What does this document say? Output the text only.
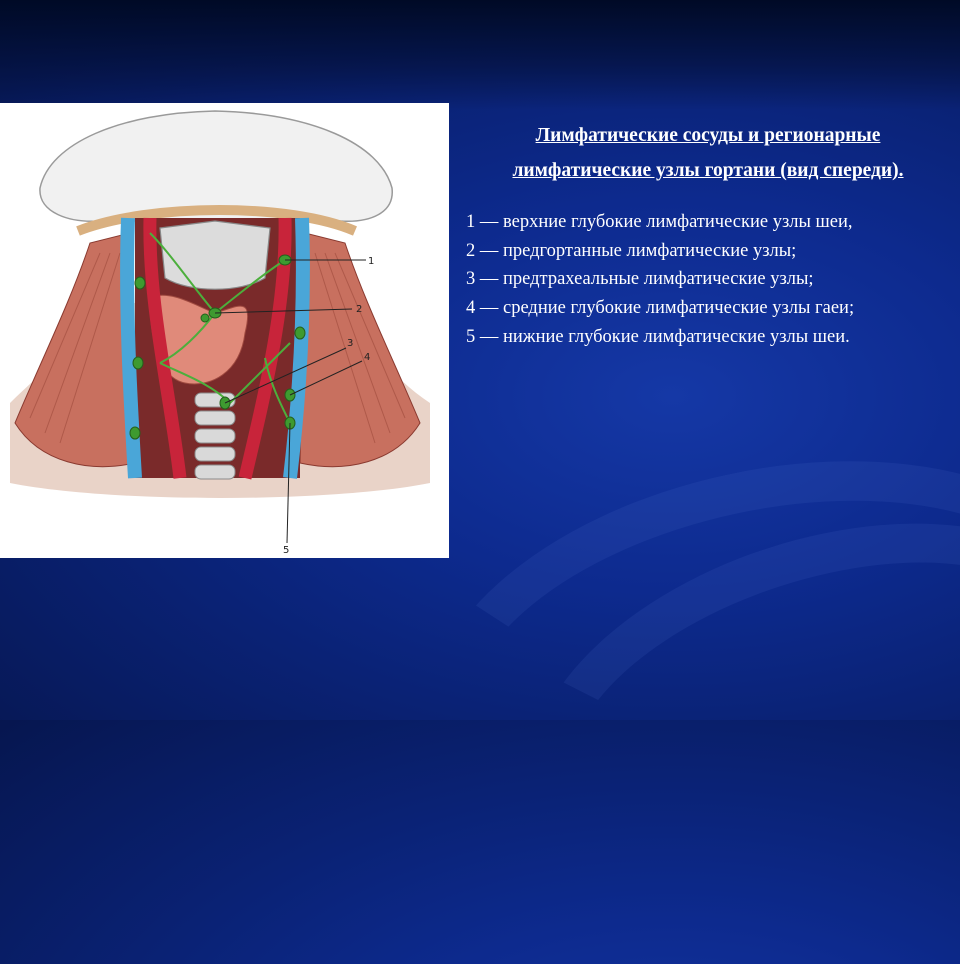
1
2
3
4
5
Лимфатические сосуды и регионарные лимфатические узлы гортани (вид спереди).
1 — верхние глубокие лимфатические узлы шеи,
2 — предгортанные лимфатические узлы;
3 — предтрахеальные лимфатические узлы;
4 — средние глубокие лимфатические узлы гаеи;
5 — нижние глубокие лимфатические узлы шеи.
